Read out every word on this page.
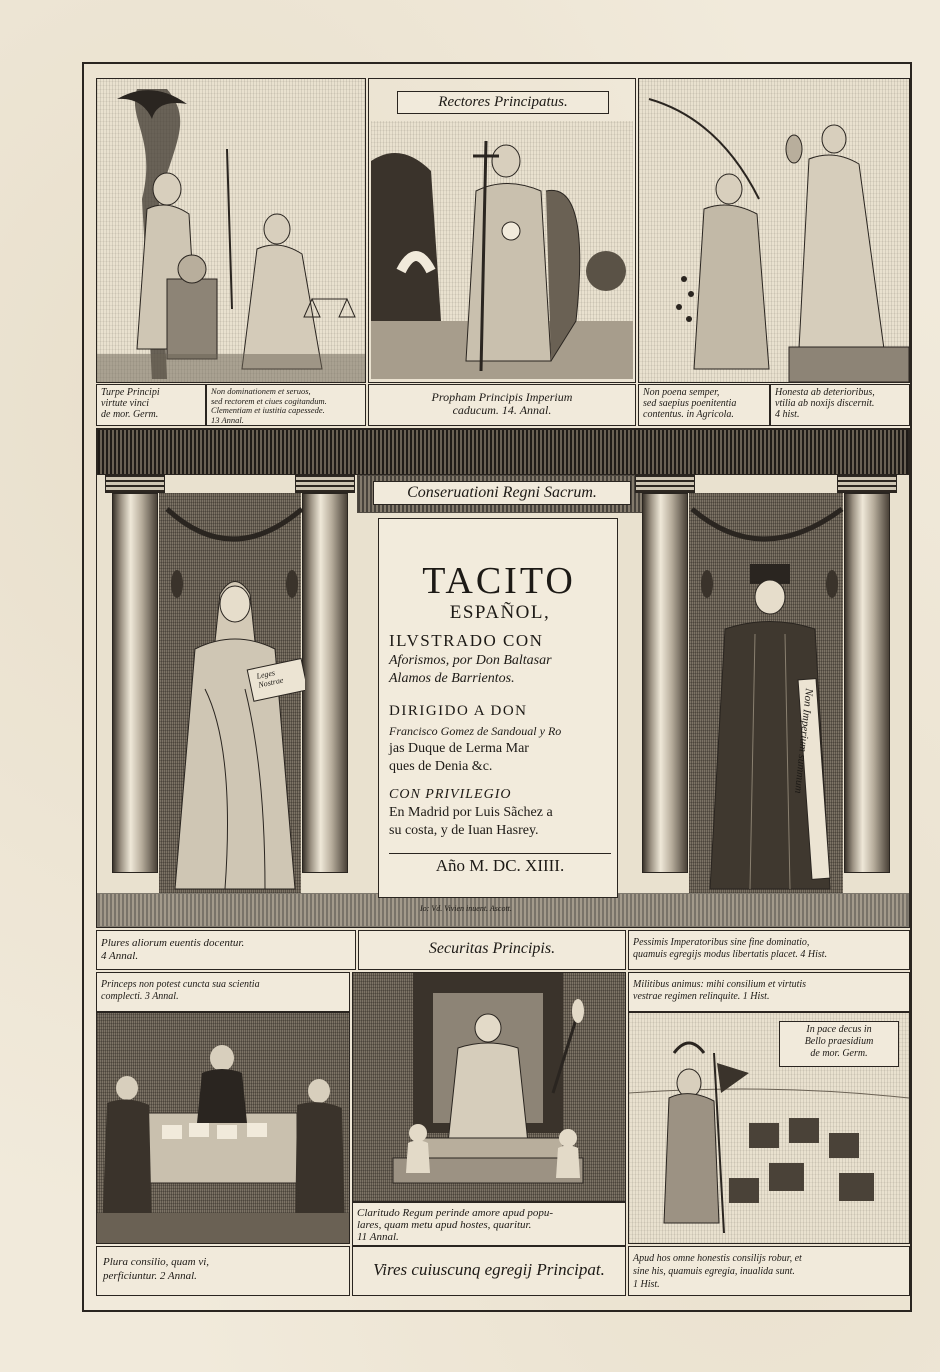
Rectores Principatus.
Turpe Principi
virtute vinci
de mor. Germ.
Non dominationem et seruos,
sed rectorem et ciues cogitandum.
Clementiam et iustitia capessede.
13 Annal.
Propham Principis Imperium
caducum. 14. Annal.
Non poena semper,
sed saepius poenitentia
contentus. in Agricola.
Honesta ab deterioribus,
vtilia ab noxijs discernit.
4 hist.
Leges
Nostrae
Conseruationi Regni Sacrum.
Non Imperium summum
TACITO
ESPAÑOL,
ILVSTRADO CON
Aforismos, por Don Baltasar
Alamos de Barrientos.
DIRIGIDO A DON
Francisco Gomez de Sandoual y Ro
jas Duque de Lerma Mar
ques de Denia &c.
CON PRIVILEGIO
En Madrid por Luis Sãchez a
su costa, y de Iuan Hasrey.
Año M. DC. XIIII.
Io: Vd. Vivien inuent. Ascott.
Plures aliorum euentis docentur.
4 Annal.	Securitas Principis.	Pessimis Imperatoribus sine fine dominatio,
quamuis egregijs modus libertatis placet. 4 Hist.
Princeps non potest cuncta sua scientia
complecti. 3 Annal.
Plura consilio, quam vi,
perficiuntur. 2 Annal.
Claritudo Regum perinde amore apud popu-
lares, quam metu apud hostes, quaritur.
11 Annal.
Vires cuiuscunq egregij Principat.
Militibus animus: mihi consilium et virtutis
vestrae regimen relinquite. 1 Hist.
In pace decus in
Bello praesidium
de mor. Germ.
Apud hos omne honestis consilijs robur, et
sine his, quamuis egregia, inualida sunt.
1 Hist.
